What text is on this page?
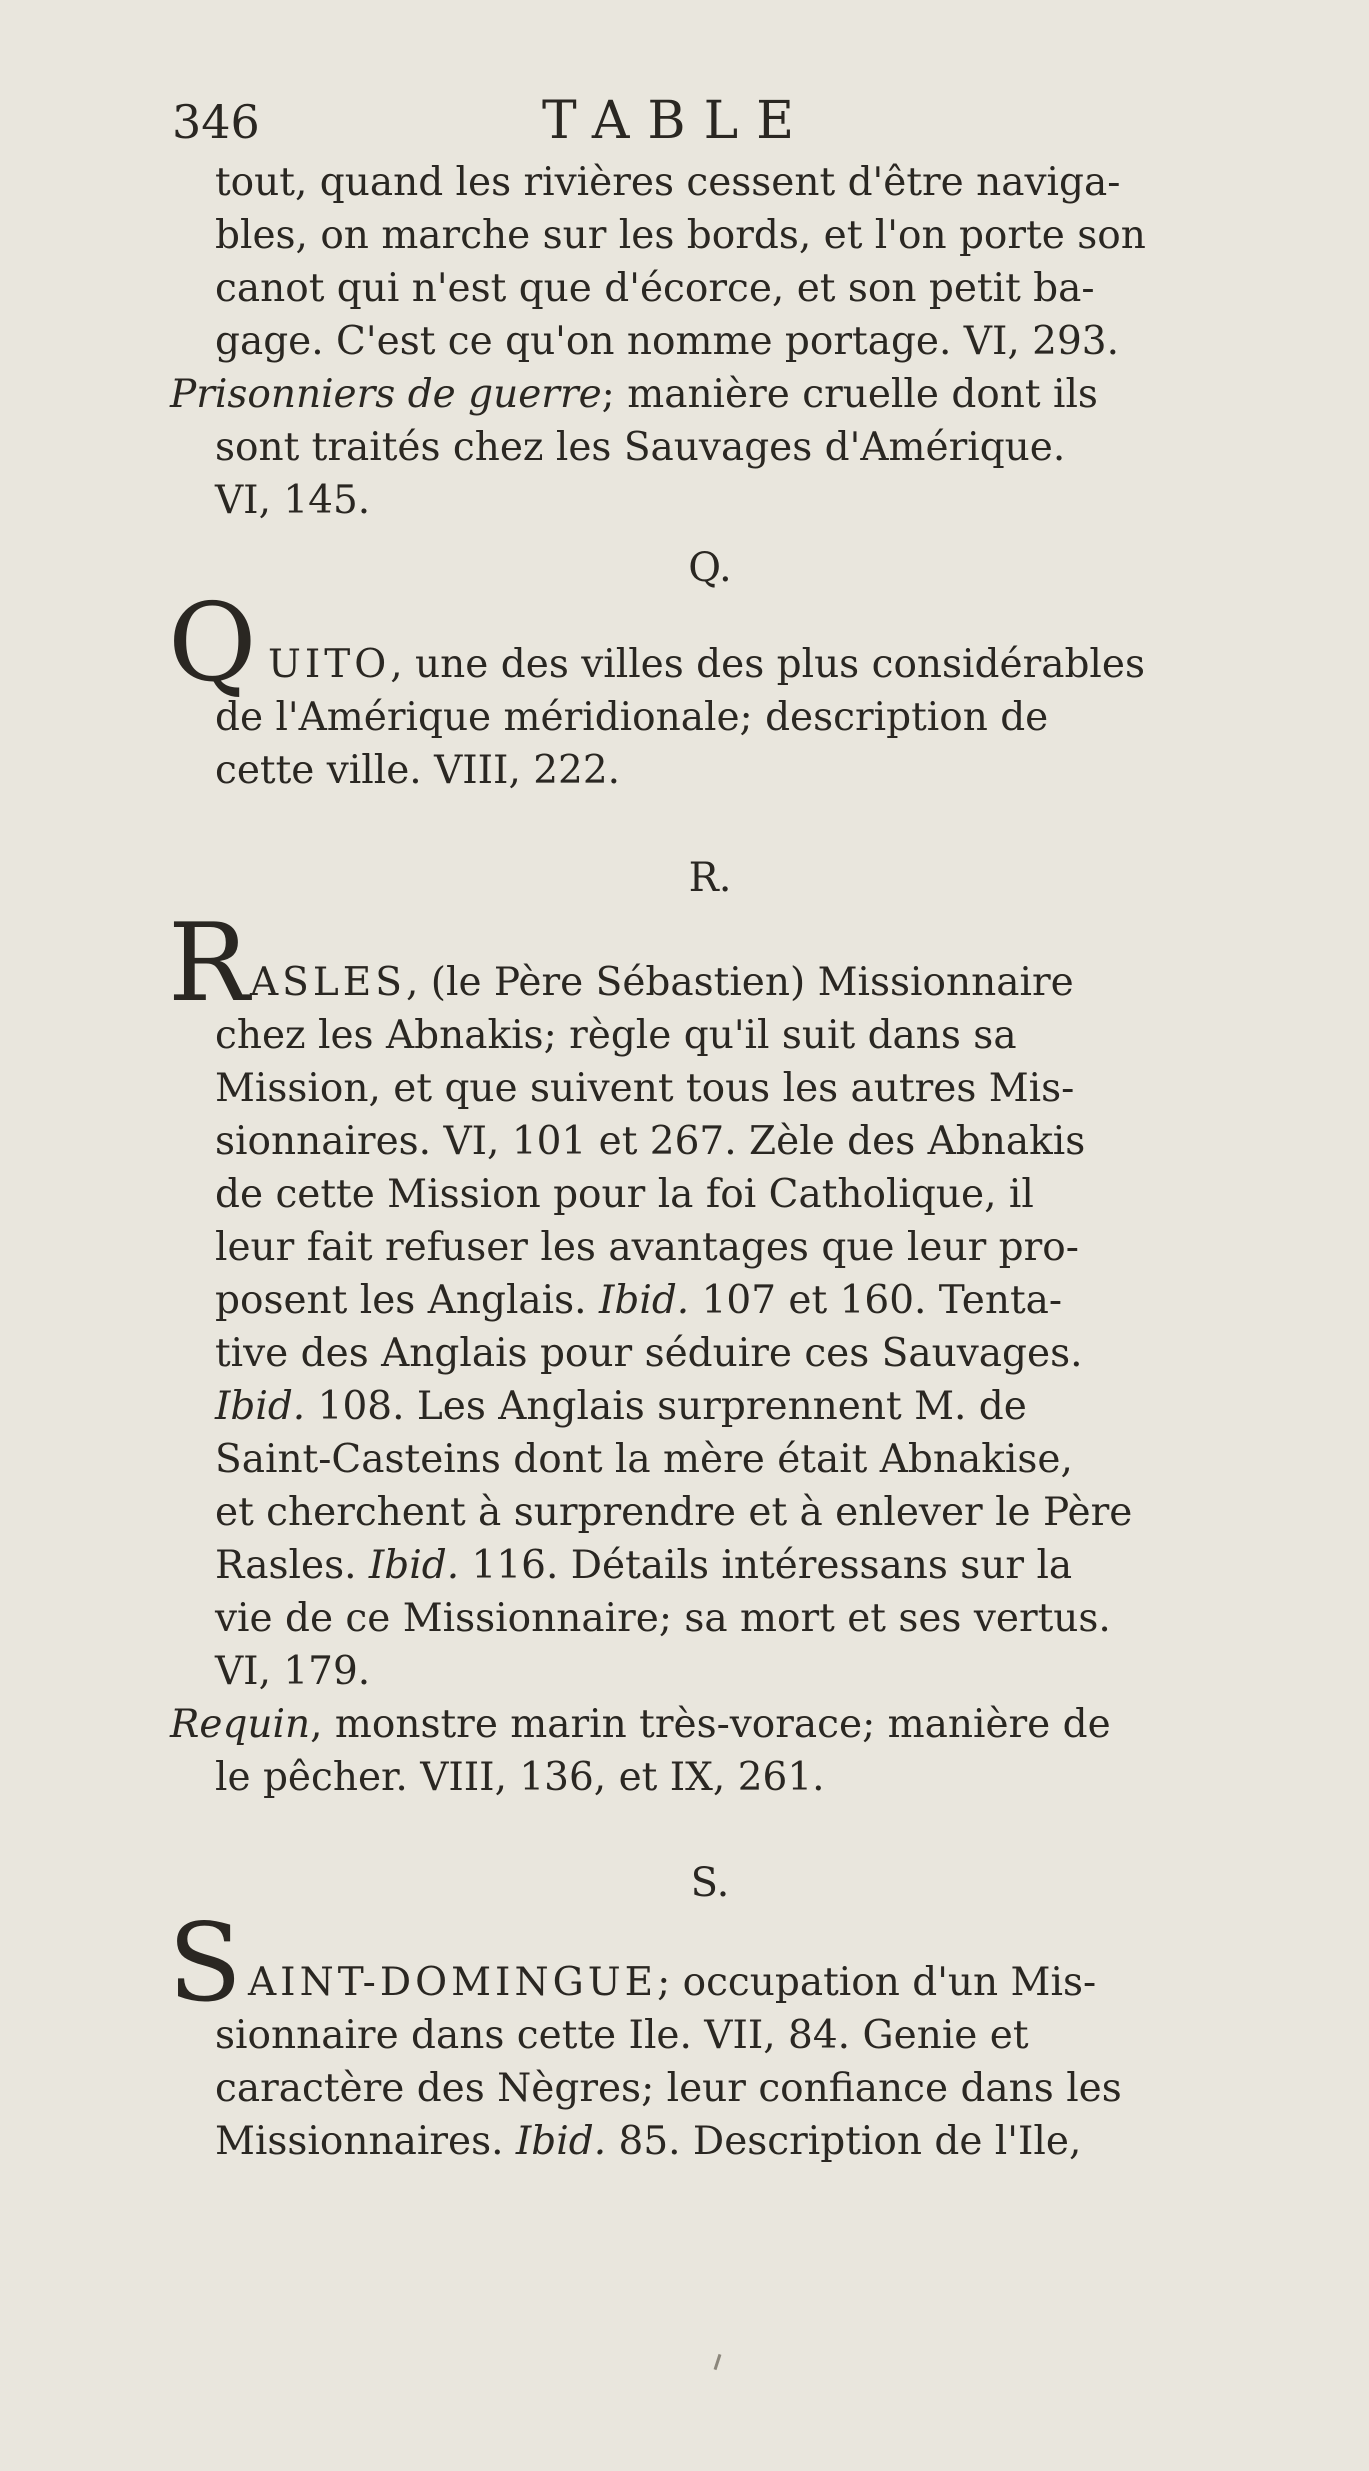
346	TABLE
tout, quand les rivières cessent d'être naviga-
bles, on marche sur les bords, et l'on porte son
canot qui n'est que d'écorce, et son petit ba-
gage. C'est ce qu'on nomme portage. VI, 293.
Prisonniers de guerre; manière cruelle dont ils
sont traités chez les Sauvages d'Amérique.
VI, 145.
Q.
Q UITO, une des villes des plus considérables
de l'Amérique méridionale; description de
cette ville. VIII, 222.
R.
R ASLES, (le Père Sébastien) Missionnaire
chez les Abnakis; règle qu'il suit dans sa
Mission, et que suivent tous les autres Mis-
sionnaires. VI, 101 et 267. Zèle des Abnakis
de cette Mission pour la foi Catholique, il
leur fait refuser les avantages que leur pro-
posent les Anglais. Ibid. 107 et 160. Tenta-
tive des Anglais pour séduire ces Sauvages.
Ibid. 108. Les Anglais surprennent M. de
Saint-Casteins dont la mère était Abnakise,
et cherchent à surprendre et à enlever le Père
Rasles. Ibid. 116. Détails intéressans sur la
vie de ce Missionnaire; sa mort et ses vertus.
VI, 179.
Requin, monstre marin très-vorace; manière de
le pêcher. VIII, 136, et IX, 261.
S.
S AINT-DOMINGUE; occupation d'un Mis-
sionnaire dans cette Ile. VII, 84. Genie et
caractère des Nègres; leur confiance dans les
Missionnaires. Ibid. 85. Description de l'Ile,
